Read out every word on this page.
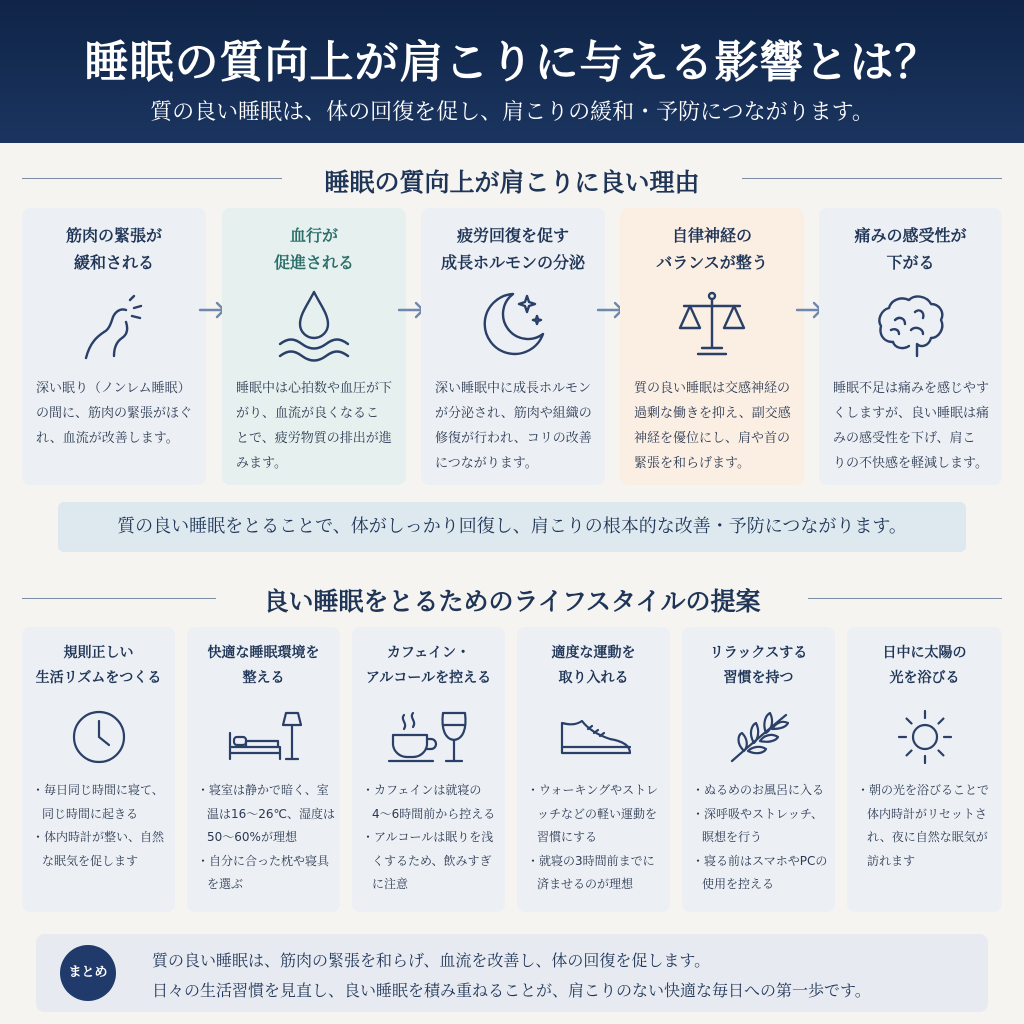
睡眠の質向上が肩こりに与える影響とは？
質の良い睡眠は、体の回復を促し、肩こりの緩和・予防につながります。
睡眠の質向上が肩こりに良い理由
筋肉の緊張が
緩和される
深い眠り（ノンレム睡眠）
の間に、筋肉の緊張がほぐ
れ、血流が改善します。
血行が
促進される
睡眠中は心拍数や血圧が下
がり、血流が良くなるこ
とで、疲労物質の排出が進
みます。
疲労回復を促す
成長ホルモンの分泌
深い睡眠中に成長ホルモン
が分泌され、筋肉や組織の
修復が行われ、コリの改善
につながります。
自律神経の
バランスが整う
質の良い睡眠は交感神経の
過剰な働きを抑え、副交感
神経を優位にし、肩や首の
緊張を和らげます。
痛みの感受性が
下がる
睡眠不足は痛みを感じやす
くしますが、良い睡眠は痛
みの感受性を下げ、肩こ
りの不快感を軽減します。
質の良い睡眠をとることで、体がしっかり回復し、肩こりの根本的な改善・予防につながります。
良い睡眠をとるためのライフスタイルの提案
規則正しい
生活リズムをつくる
・ 毎日同じ時間に寝て、同じ時間に起きる
・ 体内時計が整い、自然な眠気を促します
快適な睡眠環境を
整える
・ 寝室は静かで暗く、室温は16〜26℃、湿度は50〜60%が理想
・ 自分に合った枕や寝具を選ぶ
カフェイン・
アルコールを控える
・ カフェインは就寝の4〜6時間前から控える
・ アルコールは眠りを浅くするため、飲みすぎに注意
適度な運動を
取り入れる
・ ウォーキングやストレッチなどの軽い運動を習慣にする
・ 就寝の3時間前までに済ませるのが理想
リラックスする
習慣を持つ
・ ぬるめのお風呂に入る
・ 深呼吸やストレッチ、瞑想を行う
・ 寝る前はスマホやPCの使用を控える
日中に太陽の
光を浴びる
・ 朝の光を浴びることで体内時計がリセットされ、夜に自然な眠気が訪れます
まとめ
質の良い睡眠は、筋肉の緊張を和らげ、血流を改善し、体の回復を促します。
日々の生活習慣を見直し、良い睡眠を積み重ねることが、肩こりのない快適な毎日への第一歩です。
